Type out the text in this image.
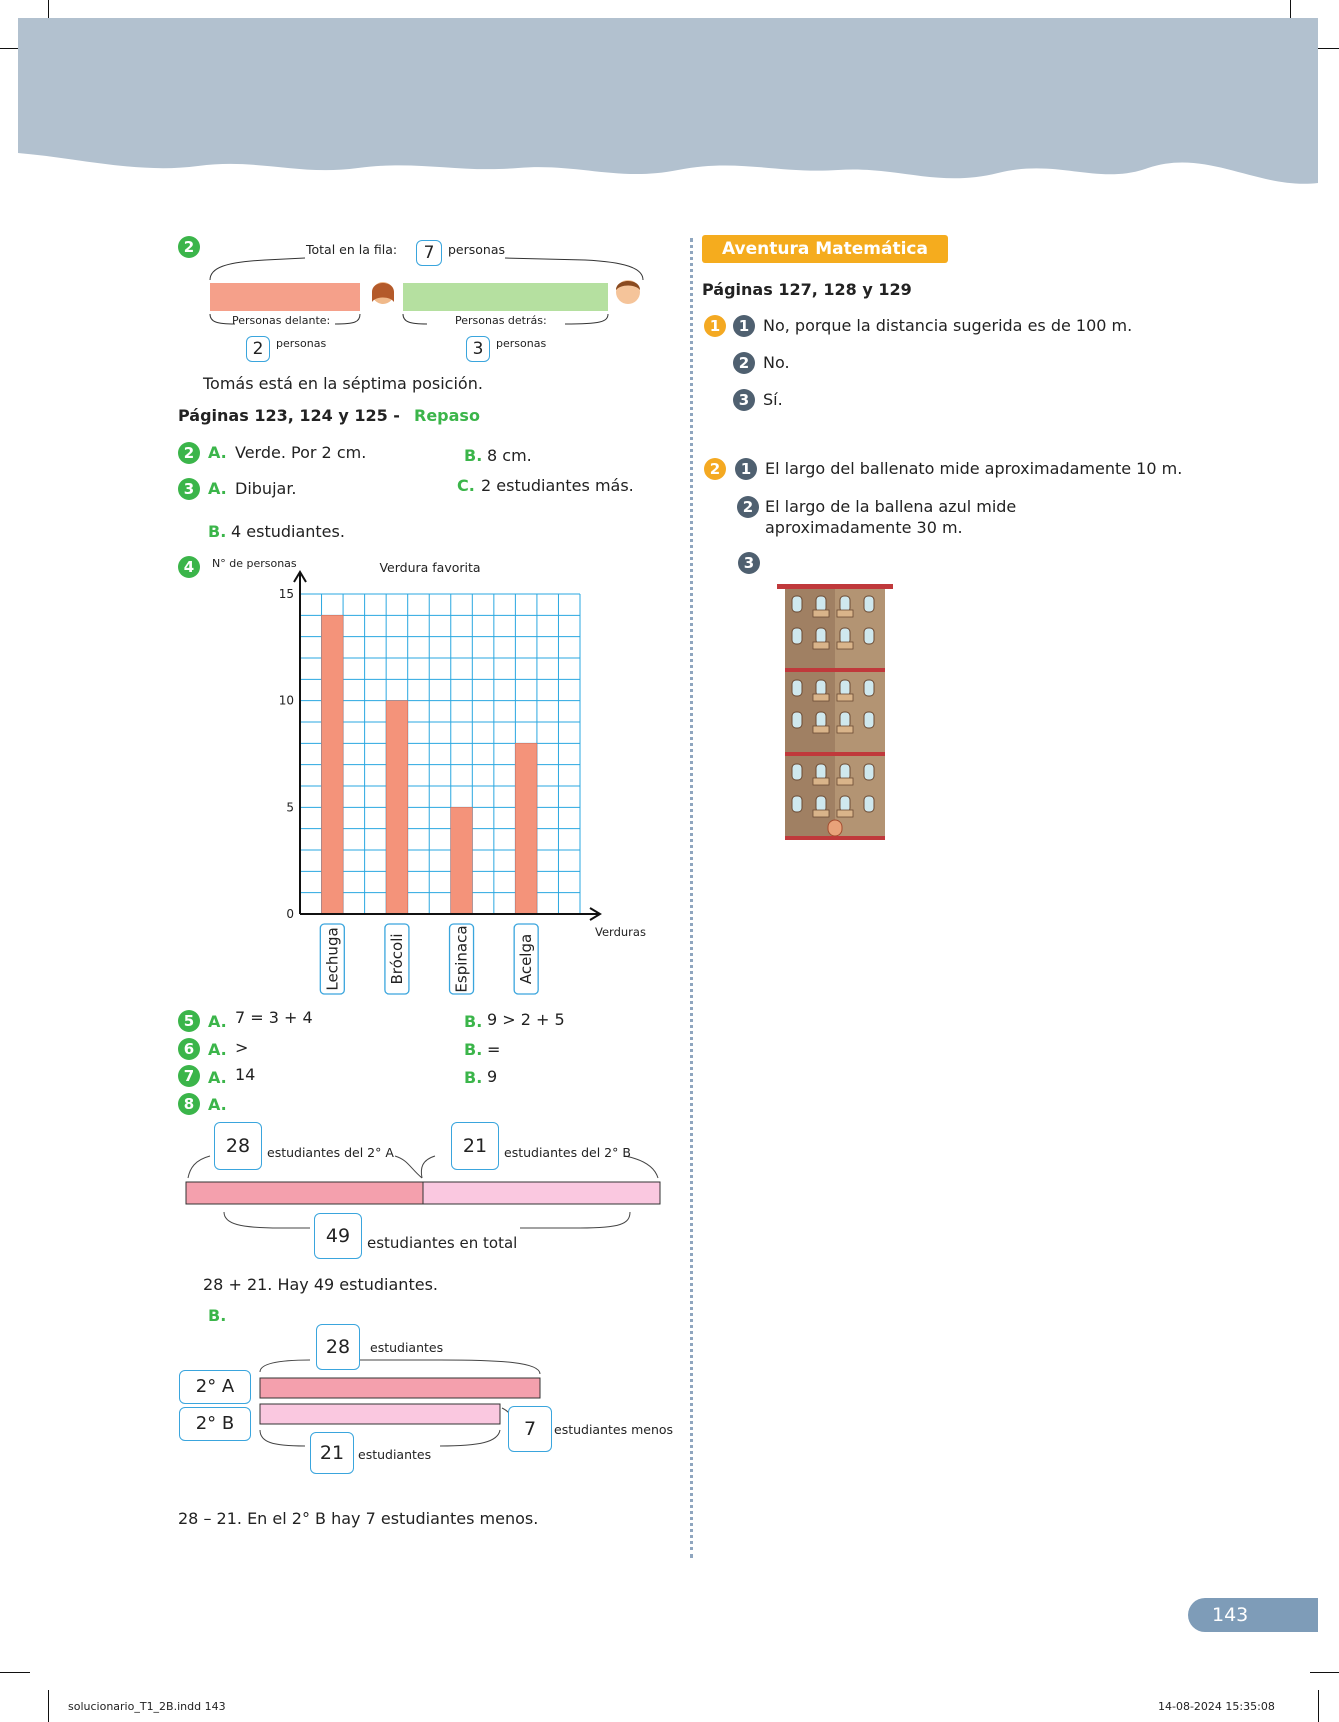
2	Total en la fila:	7	personas
Personas delante:	Personas detrás:
2	personas	3	personas
Tomás está en la séptima posición.
Páginas 123, 124 y 125 - Repaso
2 A. Verde. Por 2 cm.	B. 8 cm.
3 A. Dibujar.	C. 2 estudiantes más.
B. 4 estudiantes.
4
Lechuga	Brócoli	Espinaca	Acelga
0
5
10
15
Verdura favorita
N° de personas
Verduras
5 A. 7 = 3 + 4	B. 9 > 2 + 5
6 A. >	B. =
7 A. 14	B. 9
8 A.
28	estudiantes del 2° A	21	estudiantes del 2° B
49	estudiantes en total
28 + 21. Hay 49 estudiantes.
B.
28	estudiantes
2° A
2° B	7	estudiantes menos
21	estudiantes
28 – 21. En el 2° B hay 7 estudiantes menos.
Aventura Matemática
Páginas 127, 128 y 129
1	1 No, porque la distancia sugerida es de 100 m.
2 No.
3 Sí.
2	1 El largo del ballenato mide aproximadamente 10 m.
2 El largo de la ballena azul mide
aproximadamente 30 m.
3
143
solucionario_T1_2B.indd 143	14-08-2024 15:35:08
